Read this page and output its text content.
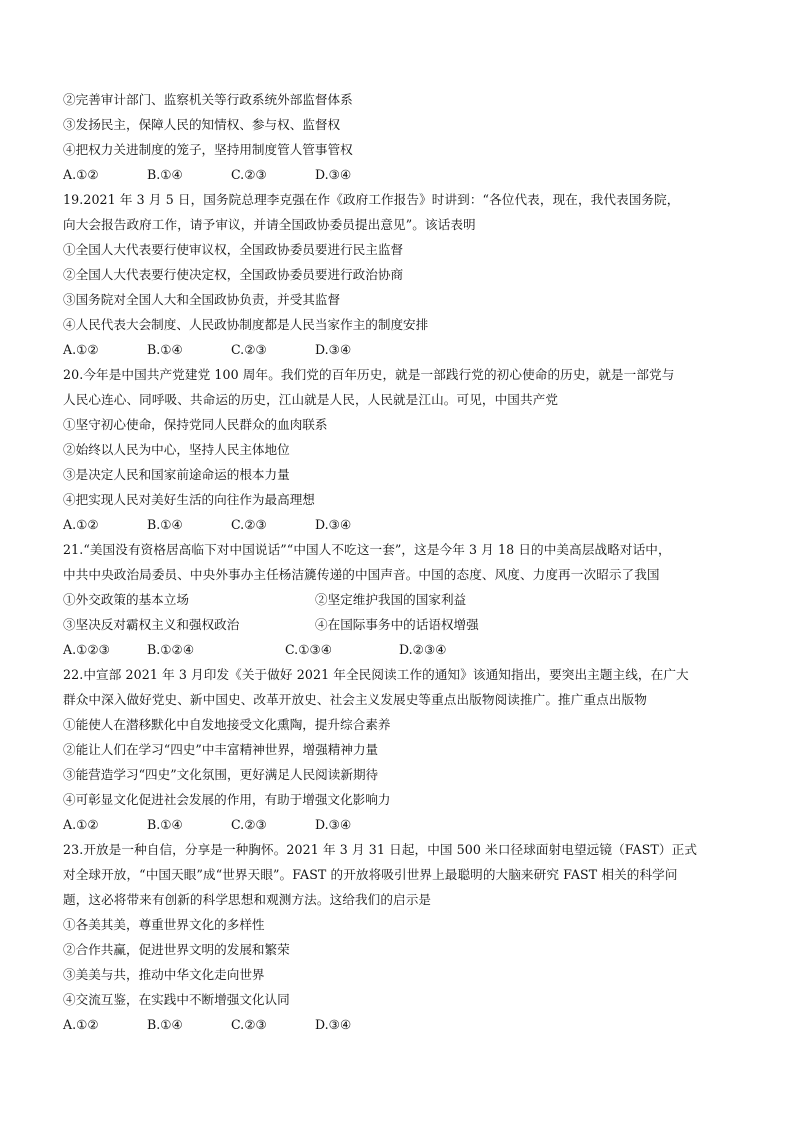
②完善审计部门、监察机关等行政系统外部监督体系
③发扬民主，保障人民的知情权、参与权、监督权
④把权力关进制度的笼子，坚持用制度管人管事管权
A.①②	B.①④	C.②③	D.③④
19.2021 年 3 月 5 日，国务院总理李克强在作《政府工作报告》时讲到：“各位代表，现在，我代表国务院，
向大会报告政府工作，请予审议，并请全国政协委员提出意见”。该话表明
①全国人大代表要行使审议权，全国政协委员要进行民主监督
②全国人大代表要行使决定权，全国政协委员要进行政治协商
③国务院对全国人大和全国政协负责，并受其监督
④人民代表大会制度、人民政协制度都是人民当家作主的制度安排
A.①②	B.①④	C.②③	D.③④
20.今年是中国共产党建党 100 周年。我们党的百年历史，就是一部践行党的初心使命的历史，就是一部党与
人民心连心、同呼吸、共命运的历史，江山就是人民，人民就是江山。可见，中国共产党
①坚守初心使命，保持党同人民群众的血肉联系
②始终以人民为中心，坚持人民主体地位
③是决定人民和国家前途命运的根本力量
④把实现人民对美好生活的向往作为最高理想
A.①②	B.①④	C.②③	D.③④
21.“美国没有资格居高临下对中国说话”“中国人不吃这一套”，这是今年 3 月 18 日的中美高层战略对话中，
中共中央政治局委员、中央外事办主任杨洁篪传递的中国声音。中国的态度、风度、力度再一次昭示了我国
①外交政策的基本立场	②坚定维护我国的国家利益
③坚决反对霸权主义和强权政治	④在国际事务中的话语权增强
A.①②③	B.①②④	C.①③④	D.②③④
22.中宣部 2021 年 3 月印发《关于做好 2021 年全民阅读工作的通知》该通知指出，要突出主题主线，在广大
群众中深入做好党史、新中国史、改革开放史、社会主义发展史等重点出版物阅读推广。推广重点出版物
①能使人在潜移默化中自发地接受文化熏陶，提升综合素养
②能让人们在学习“四史”中丰富精神世界，增强精神力量
③能营造学习“四史”文化氛围，更好满足人民阅读新期待
④可彰显文化促进社会发展的作用，有助于增强文化影响力
A.①②	B.①④	C.②③	D.③④
23.开放是一种自信，分享是一种胸怀。2021 年 3 月 31 日起，中国 500 米口径球面射电望远镜（FAST）正式
对全球开放，“中国天眼”成“世界天眼”。FAST 的开放将吸引世界上最聪明的大脑来研究 FAST 相关的科学问
题，这必将带来有创新的科学思想和观测方法。这给我们的启示是
①各美其美，尊重世界文化的多样性
②合作共赢，促进世界文明的发展和繁荣
③美美与共，推动中华文化走向世界
④交流互鉴，在实践中不断增强文化认同
A.①②	B.①④	C.②③	D.③④
